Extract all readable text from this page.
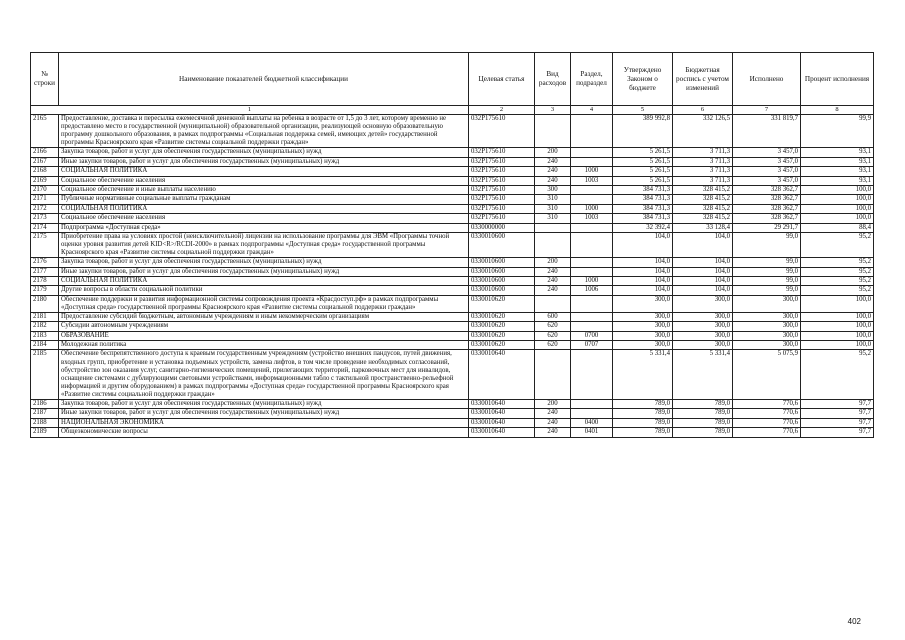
№ строки	Наименование показателей бюджетной классификации	Целевая статья	Вид расходов	Раздел, подраздел	Утверждено Законом о бюджете	Бюджетная роспись с учетом изменений	Исполнено	Процент исполнения
1		2	3	4	5	6	7	8
2165	Предоставление, доставка и пересылка ежемесячной денежной выплаты на ребенка в возрасте от 1,5 до 3 лет, которому временно не предоставлено место в государственной (муниципальной) образовательной организации, реализующей основную образовательную программу дошкольного образования, в рамках подпрограммы «Социальная поддержка семей, имеющих детей» государственной программы Красноярского края «Развитие системы социальной поддержки граждан»	032Р175610			389 992,8	332 126,5	331 819,7	99,9
2166	Закупка товаров, работ и услуг для обеспечения государственных (муниципальных) нужд	032Р175610	200		5 261,5	3 711,3	3 457,0	93,1
2167	Иные закупки товаров, работ и услуг для обеспечения государственных (муниципальных) нужд	032Р175610	240		5 261,5	3 711,3	3 457,0	93,1
2168	СОЦИАЛЬНАЯ ПОЛИТИКА	032Р175610	240	1000	5 261,5	3 711,3	3 457,0	93,1
2169	Социальное обеспечение населения	032Р175610	240	1003	5 261,5	3 711,3	3 457,0	93,1
2170	Социальное обеспечение и иные выплаты населению	032Р175610	300		384 731,3	328 415,2	328 362,7	100,0
2171	Публичные нормативные социальные выплаты гражданам	032Р175610	310		384 731,3	328 415,2	328 362,7	100,0
2172	СОЦИАЛЬНАЯ ПОЛИТИКА	032Р175610	310	1000	384 731,3	328 415,2	328 362,7	100,0
2173	Социальное обеспечение населения	032Р175610	310	1003	384 731,3	328 415,2	328 362,7	100,0
2174	Подпрограмма «Доступная среда»	0330000000			32 392,4	33 128,4	29 291,7	88,4
2175	Приобретение права на условиях простой (неисключительной) лицензии на использование программы для ЭВМ «Программы точной оценки уровня развития детей KID<R>/RCDI-2000» в рамках подпрограммы «Доступная среда» государственной программы Красноярского края «Развитие системы социальной поддержки граждан»	0330010600			104,0	104,0	99,0	95,2
2176	Закупка товаров, работ и услуг для обеспечения государственных (муниципальных) нужд	0330010600	200		104,0	104,0	99,0	95,2
2177	Иные закупки товаров, работ и услуг для обеспечения государственных (муниципальных) нужд	0330010600	240		104,0	104,0	99,0	95,2
2178	СОЦИАЛЬНАЯ ПОЛИТИКА	0330010600	240	1000	104,0	104,0	99,0	95,2
2179	Другие вопросы в области социальной политики	0330010600	240	1006	104,0	104,0	99,0	95,2
2180	Обеспечение поддержки и развития информационной системы сопровождения проекта «Красдоступ.рф» в рамках подпрограммы «Доступная среда» государственной программы Красноярского края «Развитие системы социальной поддержки граждан»	0330010620			300,0	300,0	300,0	100,0
2181	Предоставление субсидий бюджетным, автономным учреждениям и иным некоммерческим организациям	0330010620	600		300,0	300,0	300,0	100,0
2182	Субсидии автономным учреждениям	0330010620	620		300,0	300,0	300,0	100,0
2183	ОБРАЗОВАНИЕ	0330010620	620	0700	300,0	300,0	300,0	100,0
2184	Молодежная политика	0330010620	620	0707	300,0	300,0	300,0	100,0
2185	Обеспечение беспрепятственного доступа к краевым государственным учреждениям (устройство внешних пандусов, путей движения, входных групп, приобретение и установка подъемных устройств, замена лифтов, в том числе проведение необходимых согласований, обустройство зон оказания услуг, санитарно-гигиенических помещений, прилегающих территорий, парковочных мест для инвалидов, оснащение системами с дублирующими световыми устройствами, информационными табло с тактильной пространственно-рельефной информацией и другим оборудованием) в рамках подпрограммы «Доступная среда» государственной программы Красноярского края «Развитие системы социальной поддержки граждан»	0330010640			5 331,4	5 331,4	5 075,9	95,2
2186	Закупка товаров, работ и услуг для обеспечения государственных (муниципальных) нужд	0330010640	200		789,0	789,0	770,6	97,7
2187	Иные закупки товаров, работ и услуг для обеспечения государственных (муниципальных) нужд	0330010640	240		789,0	789,0	770,6	97,7
2188	НАЦИОНАЛЬНАЯ ЭКОНОМИКА	0330010640	240	0400	789,0	789,0	770,6	97,7
2189	Общеэкономические вопросы	0330010640	240	0401	789,0	789,0	770,6	97,7
402
